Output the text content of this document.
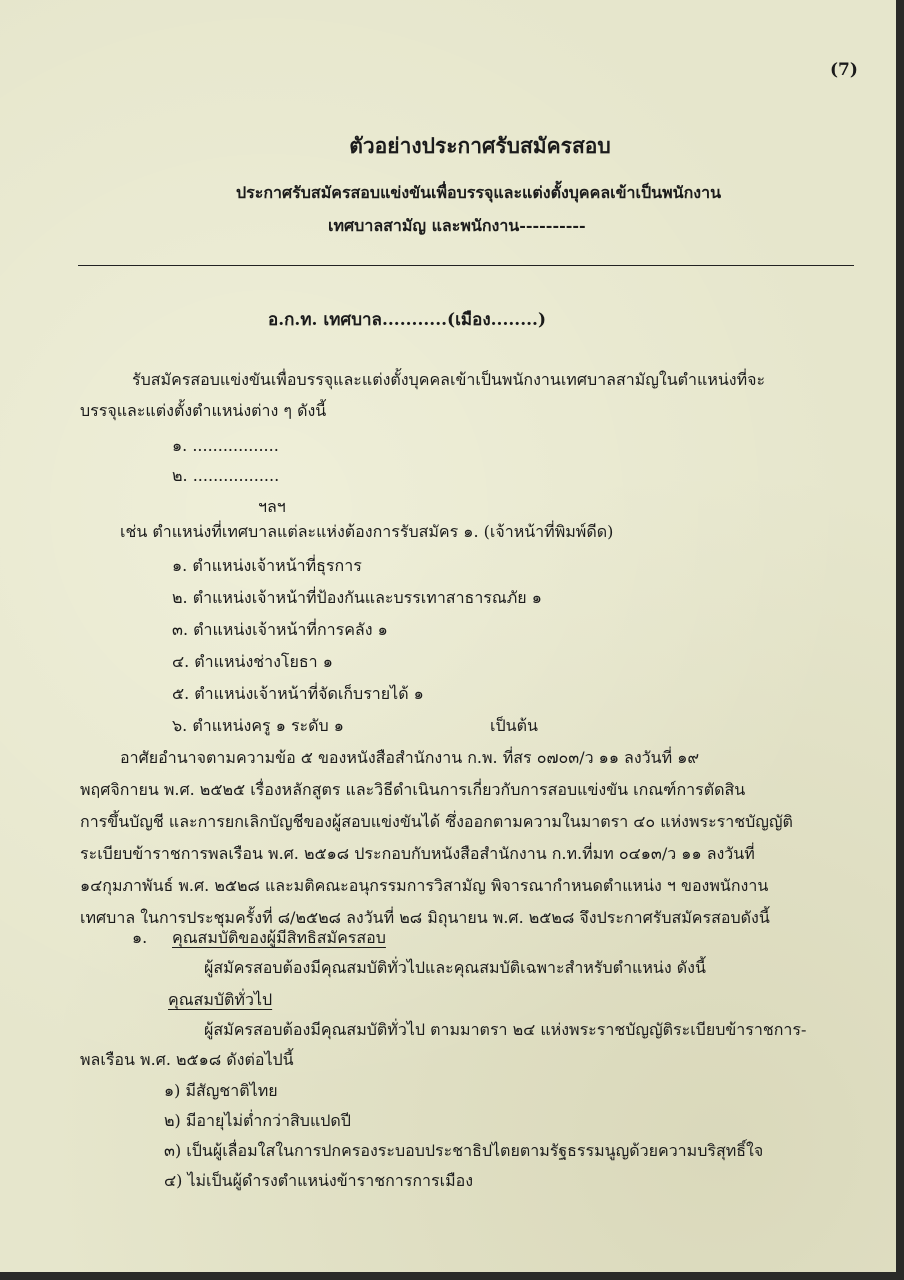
(7)
ตัวอย่างประกาศรับสมัครสอบ
ประกาศรับสมัครสอบแข่งขันเพื่อบรรจุและแต่งตั้งบุคคลเข้าเป็นพนักงาน
เทศบาลสามัญ และพนักงาน----------
อ.ก.ท. เทศบาล...........(เมือง........)
รับสมัครสอบแข่งขันเพื่อบรรจุและแต่งตั้งบุคคลเข้าเป็นพนักงานเทศบาลสามัญในตำแหน่งที่จะ
บรรจุและแต่งตั้งตำแหน่งต่าง ๆ ดังนี้
๑. .................
๒. .................
ฯลฯ
เช่น ตำแหน่งที่เทศบาลแต่ละแห่งต้องการรับสมัคร ๑. (เจ้าหน้าที่พิมพ์ดีด)
๑. ตำแหน่งเจ้าหน้าที่ธุรการ
๒. ตำแหน่งเจ้าหน้าที่ป้องกันและบรรเทาสาธารณภัย ๑
๓. ตำแหน่งเจ้าหน้าที่การคลัง ๑
๔. ตำแหน่งช่างโยธา ๑
๕. ตำแหน่งเจ้าหน้าที่จัดเก็บรายได้ ๑
๖. ตำแหน่งครู ๑ ระดับ ๑	เป็นต้น
อาศัยอำนาจตามความข้อ ๕ ของหนังสือสำนักงาน ก.พ. ที่สร ๐๗๐๓/ว ๑๑ ลงวันที่ ๑๙
พฤศจิกายน พ.ศ. ๒๕๒๕ เรื่องหลักสูตร และวิธีดำเนินการเกี่ยวกับการสอบแข่งขัน เกณฑ์การตัดสิน
การขึ้นบัญชี และการยกเลิกบัญชีของผู้สอบแข่งขันได้ ซึ่งออกตามความในมาตรา ๔๐ แห่งพระราชบัญญัติ
ระเบียบข้าราชการพลเรือน พ.ศ. ๒๕๑๘ ประกอบกับหนังสือสำนักงาน ก.ท.ที่มท ๐๔๑๓/ว ๑๑ ลงวันที่
๑๔กุมภาพันธ์ พ.ศ. ๒๕๒๘ และมติคณะอนุกรรมการวิสามัญ พิจารณากำหนดตำแหน่ง ฯ ของพนักงาน
เทศบาล ในการประชุมครั้งที่ ๘/๒๕๒๘ ลงวันที่ ๒๘ มิถุนายน พ.ศ. ๒๕๒๘ จึงประกาศรับสมัครสอบดังนี้
๑. คุณสมบัติของผู้มีสิทธิสมัครสอบ
ผู้สมัครสอบต้องมีคุณสมบัติทั่วไปและคุณสมบัติเฉพาะสำหรับตำแหน่ง ดังนี้
คุณสมบัติทั่วไป
ผู้สมัครสอบต้องมีคุณสมบัติทั่วไป ตามมาตรา ๒๔ แห่งพระราชบัญญัติระเบียบข้าราชการ-
พลเรือน พ.ศ. ๒๕๑๘ ดังต่อไปนี้
๑) มีสัญชาติไทย
๒) มีอายุไม่ต่ำกว่าสิบแปดปี
๓) เป็นผู้เลื่อมใสในการปกครองระบอบประชาธิปไตยตามรัฐธรรมนูญด้วยความบริสุทธิ์ใจ
๔) ไม่เป็นผู้ดำรงตำแหน่งข้าราชการการเมือง
